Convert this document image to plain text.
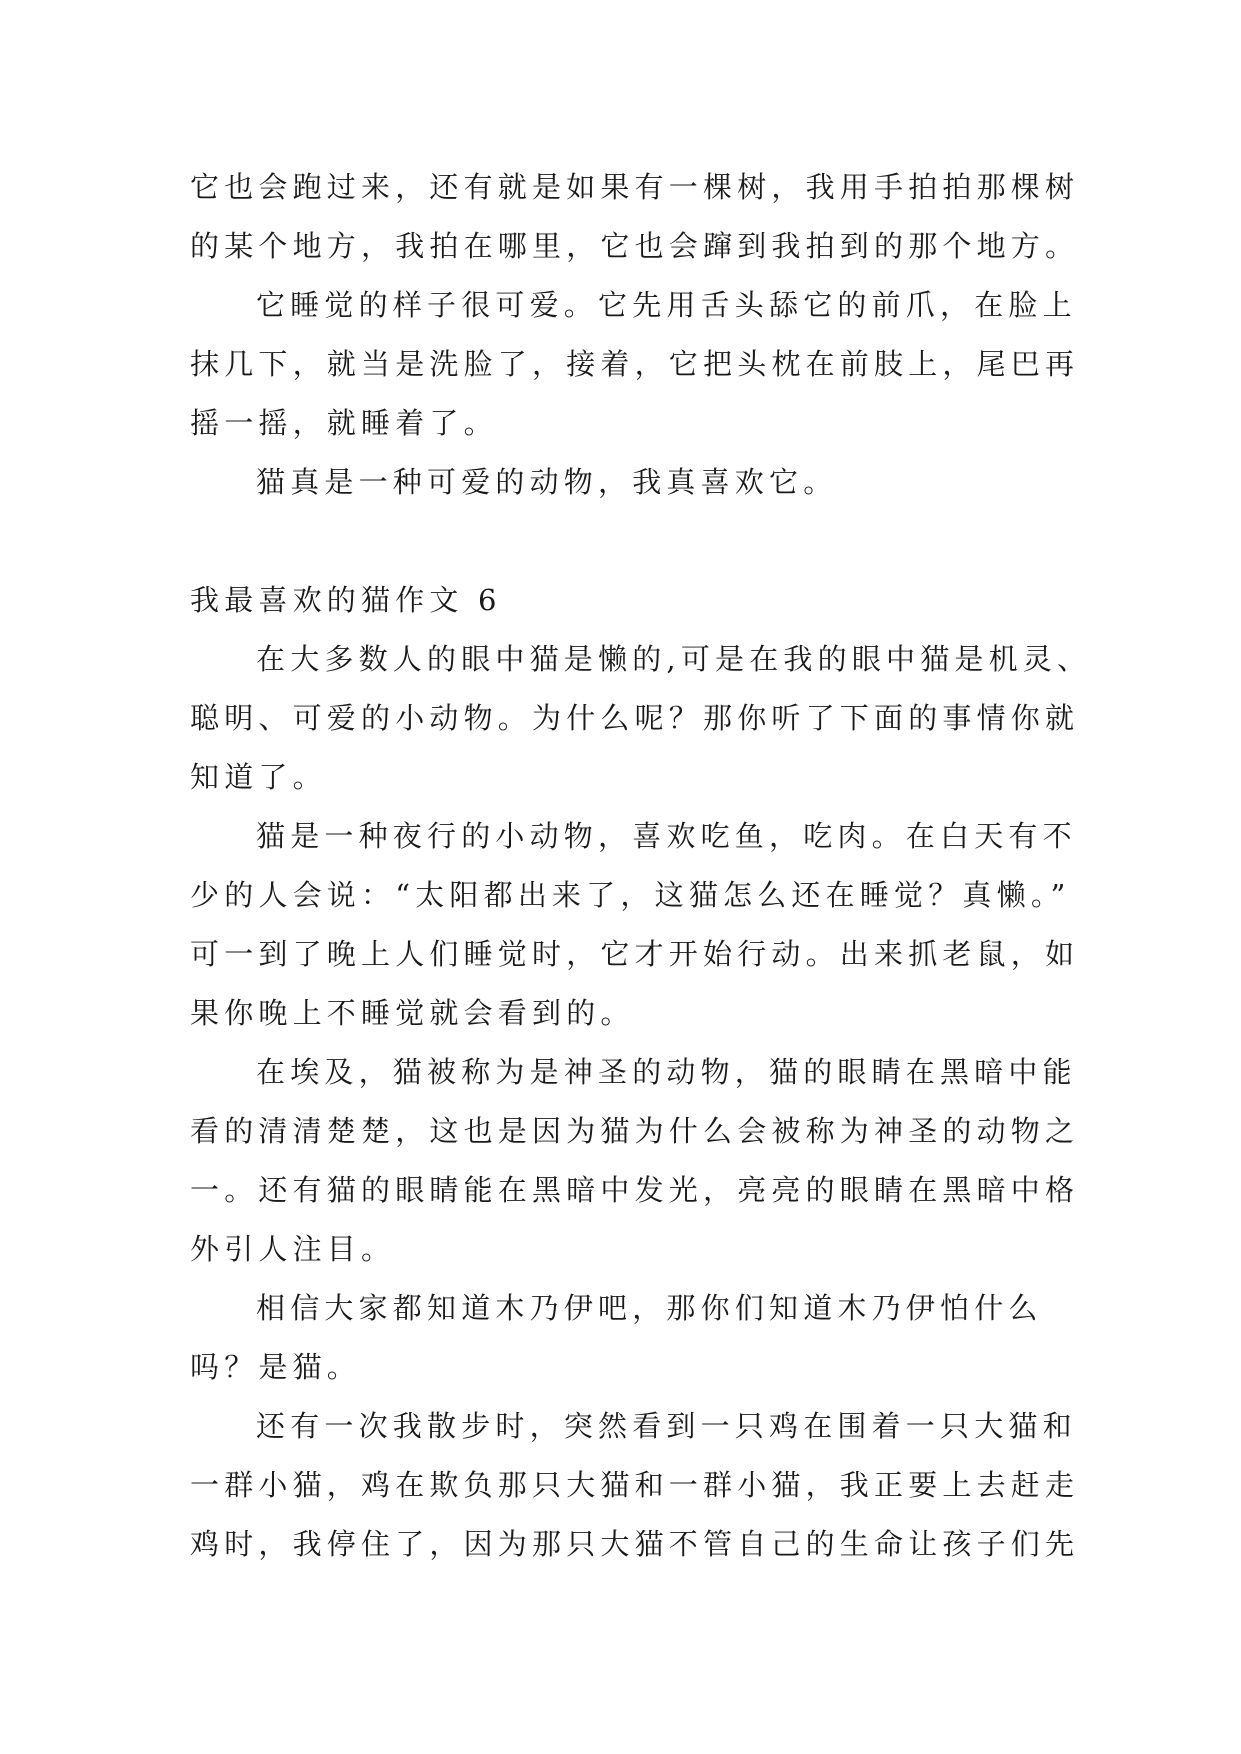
它也会跑过来，还有就是如果有一棵树，我用手拍拍那棵树
的某个地方，我拍在哪里，它也会蹿到我拍到的那个地方。
它睡觉的样子很可爱。它先用舌头舔它的前爪，在脸上
抹几下，就当是洗脸了，接着，它把头枕在前肢上，尾巴再
摇一摇，就睡着了。
猫真是一种可爱的动物，我真喜欢它。
我最喜欢的猫作文 6
在大多数人的眼中猫是懒的,可是在我的眼中猫是机灵、
聪明、可爱的小动物。为什么呢？那你听了下面的事情你就
知道了。
猫是一种夜行的小动物，喜欢吃鱼，吃肉。在白天有不
少的人会说：“太阳都出来了，这猫怎么还在睡觉？真懒。”
可一到了晚上人们睡觉时，它才开始行动。出来抓老鼠，如
果你晚上不睡觉就会看到的。
在埃及，猫被称为是神圣的动物，猫的眼睛在黑暗中能
看的清清楚楚，这也是因为猫为什么会被称为神圣的动物之
一。还有猫的眼睛能在黑暗中发光，亮亮的眼睛在黑暗中格
外引人注目。
相信大家都知道木乃伊吧，那你们知道木乃伊怕什么
吗？是猫。
还有一次我散步时，突然看到一只鸡在围着一只大猫和
一群小猫，鸡在欺负那只大猫和一群小猫，我正要上去赶走
鸡时，我停住了，因为那只大猫不管自己的生命让孩子们先
